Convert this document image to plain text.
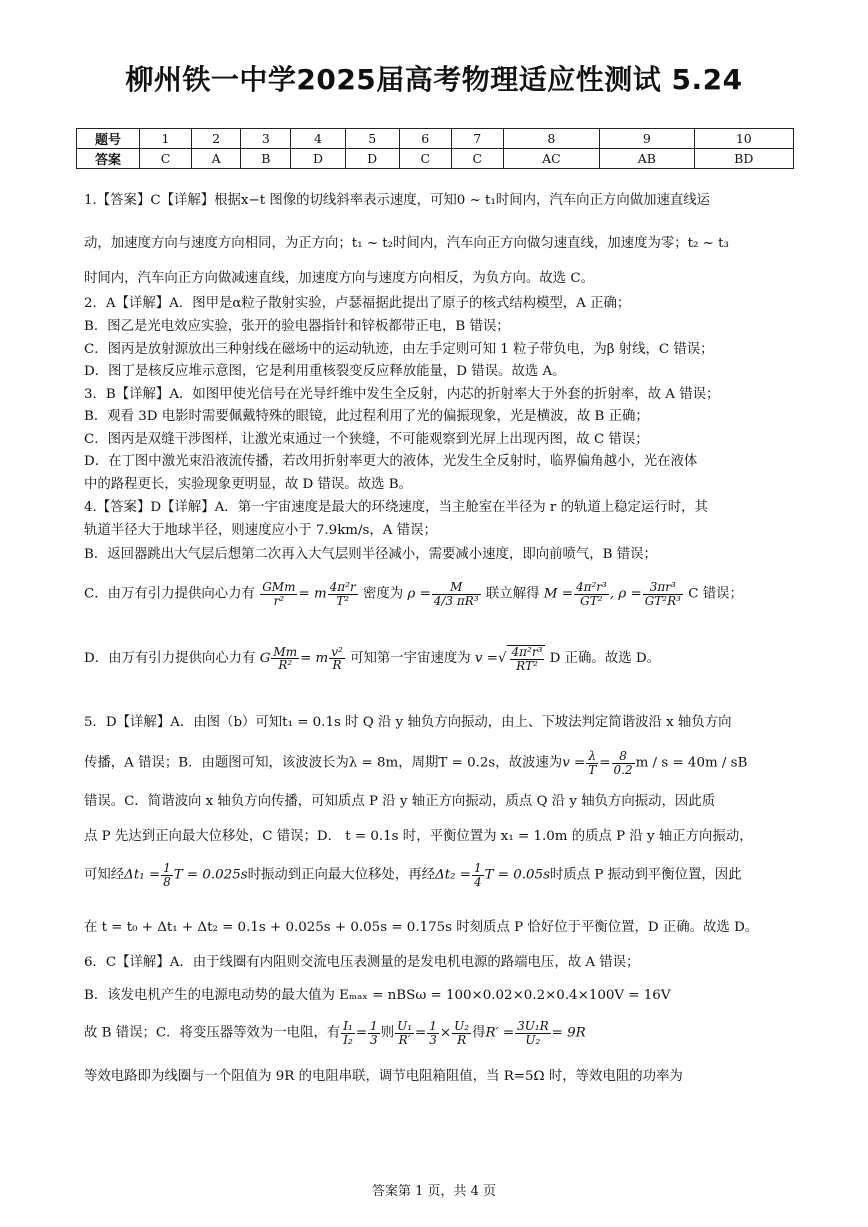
柳州铁一中学2025届高考物理适应性测试 5.24
题号	1	2	3	4	5	6	7	8	9	10
答案	C	A	B	D	D	C	C	AC	AB	BD
1.【答案】C【详解】根据x−t 图像的切线斜率表示速度，可知0 ~ t₁时间内，汽车向正方向做加速直线运
动，加速度方向与速度方向相同，为正方向；t₁ ~ t₂时间内，汽车向正方向做匀速直线，加速度为零；t₂ ~ t₃
时间内，汽车向正方向做减速直线，加速度方向与速度方向相反，为负方向。故选 C。
2．A【详解】A．图甲是α粒子散射实验，卢瑟福据此提出了原子的核式结构模型，A 正确；
B．图乙是光电效应实验，张开的验电器指针和锌板都带正电，B 错误；
C．图丙是放射源放出三种射线在磁场中的运动轨迹，由左手定则可知 1 粒子带负电，为β 射线，C 错误；
D．图丁是核反应堆示意图，它是利用重核裂变反应释放能量，D 错误。故选 A。
3．B【详解】A．如图甲使光信号在光导纤维中发生全反射，内芯的折射率大于外套的折射率，故 A 错误；
B．观看 3D 电影时需要佩戴特殊的眼镜，此过程利用了光的偏振现象，光是横波，故 B 正确；
C．图丙是双缝干涉图样，让激光束通过一个狭缝，不可能观察到光屏上出现丙图，故 C 错误；
D．在丁图中激光束沿液流传播，若改用折射率更大的液体，光发生全反射时，临界偏角越小，光在液体
中的路程更长，实验现象更明显，故 D 错误。故选 B。
4.【答案】D【详解】A．第一宇宙速度是最大的环绕速度，当主舱室在半径为 r 的轨道上稳定运行时，其
轨道半径大于地球半径，则速度应小于 7.9km/s，A 错误；
B．返回器跳出大气层后想第二次再入大气层则半径减小，需要减小速度，即向前喷气，B 错误；
C．由万有引力提供向心力有 $\frac{\text{GMm}}{\text{r²}} = m \frac{\text{4π²r}}{\text{T²}}$ 密度为 $\rho = \frac{M}{\text{4/3 πR³}}$ 联立解得 $M = \frac{\text{4π²r³}}{\text{GT²}}$ , $\rho = \frac{\text{3πr³}}{\text{GT²R³}}$ C 错误；
D．由万有引力提供向心力有 G $\frac{Mm}{\text{R²}} = m \frac{\text{v²}}{R}$ 可知第一宇宙速度为 v =√ $\frac{\text{4π²r³}}{\text{RT²}}$ D 正确。故选 D。
5．D【详解】A．由图（b）可知t₁ = 0.1s 时 Q 沿 y 轴负方向振动，由上、下坡法判定简谐波沿 x 轴负方向
传播，A 错误；B．由题图可知，该波波长为λ = 8m，周期T = 0.2s，故波速为$v = \frac{\lambda}{T} = \frac{8}{0.2}$ m / s = 40m / sB
错误。C．简谐波向 x 轴负方向传播，可知质点 P 沿 y 轴正方向振动，质点 Q 沿 y 轴负方向振动，因此质
点 P 先达到正向最大位移处，C 错误；D． t = 0.1s 时，平衡位置为 x₁ = 1.0m 的质点 P 沿 y 轴正方向振动，
可知经$\Delta t_1 = \frac{1}{8}$ T = 0.025s时振动到正向最大位移处，再经$\Delta t_2 = \frac{1}{4}$ T = 0.05s时质点 P 振动到平衡位置，因此
在 t = t₀ + Δt₁ + Δt₂ = 0.1s + 0.025s + 0.05s = 0.175s 时刻质点 P 恰好位于平衡位置，D 正确。故选 D。
6．C【详解】A．由于线圈有内阻则交流电压表测量的是发电机电源的路端电压，故 A 错误；
B．该发电机产生的电源电动势的最大值为 Eₘₐₓ = nBSω = 100×0.02×0.2×0.4×100V = 16V
故 B 错误；C．将变压器等效为一电阻，有 $\frac{\text{I₁}}{\text{I₂}} = \frac{1}{3}$ 则 $\frac{\text{U₁}}{R'} = \frac{1}{3} \times \frac{\text{U₂}}{R}$ 得$R' = \frac{\text{3U₁R}}{\text{U₂}} = 9R$
等效电路即为线圈与一个阻值为 9R 的电阻串联，调节电阻箱阻值，当 R=5Ω 时，等效电阻的功率为
答案第 1 页，共 4 页
